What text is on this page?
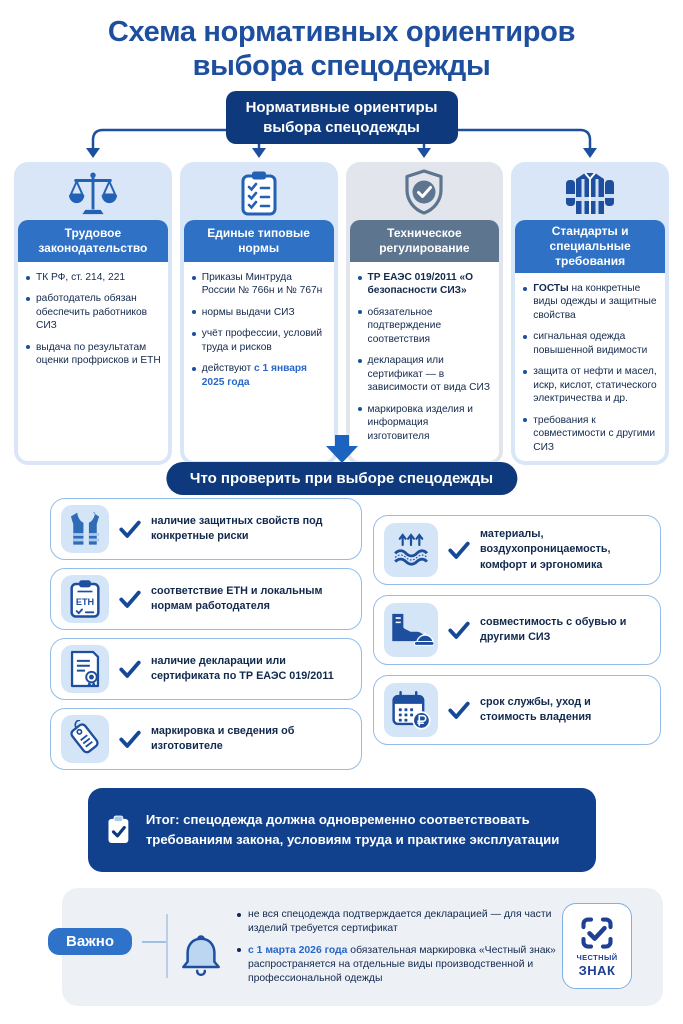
Схема нормативных ориентиров
выбора спецодежды
Нормативные ориентиры
выбора спецодежды
Трудовое законодательство
ТК РФ, ст. 214, 221
работодатель обязан обеспечить работников СИЗ
выдача по результатам оценки профрисков и ЕТН
Единые типовые нормы
Приказы Минтруда России № 766н и № 767н
нормы выдачи СИЗ
учёт профессии, условий труда и рисков
действуют с 1 января 2025 года
Техническое регулирование
ТР ЕАЭС 019/2011 «О безопасности СИЗ»
обязательное подтверждение соответствия
декларация или сертификат — в зависимости от вида СИЗ
маркировка изделия и информация изготовителя
Стандарты и специальные требования
ГОСТы на конкретные виды одежды и защитные свойства
сигнальная одежда повышенной видимости
защита от нефти и масел, искр, кислот, статического электричества и др.
требования к совместимости с другими СИЗ
Что проверить при выборе спецодежды
наличие защитных свойств под конкретные риски
ЕТН
соответствие ЕТН и локальным нормам работодателя
наличие декларации или сертификата по ТР ЕАЭС 019/2011
маркировка и сведения об изготовителе
материалы, воздухопроницаемость, комфорт и эргономика
совместимость с обувью и другими СИЗ
срок службы, уход и стоимость владения
Итог: спецодежда должна одновременно соответствовать требованиям закона, условиям труда и практике эксплуатации
Важно
не вся спецодежда подтверждается декларацией — для части изделий требуется сертификат
с 1 марта 2026 года обязательная маркировка «Честный знак» распространяется на отдельные виды производственной и профессиональной одежды
ЧЕСТНЫЙ
ЗНАК
